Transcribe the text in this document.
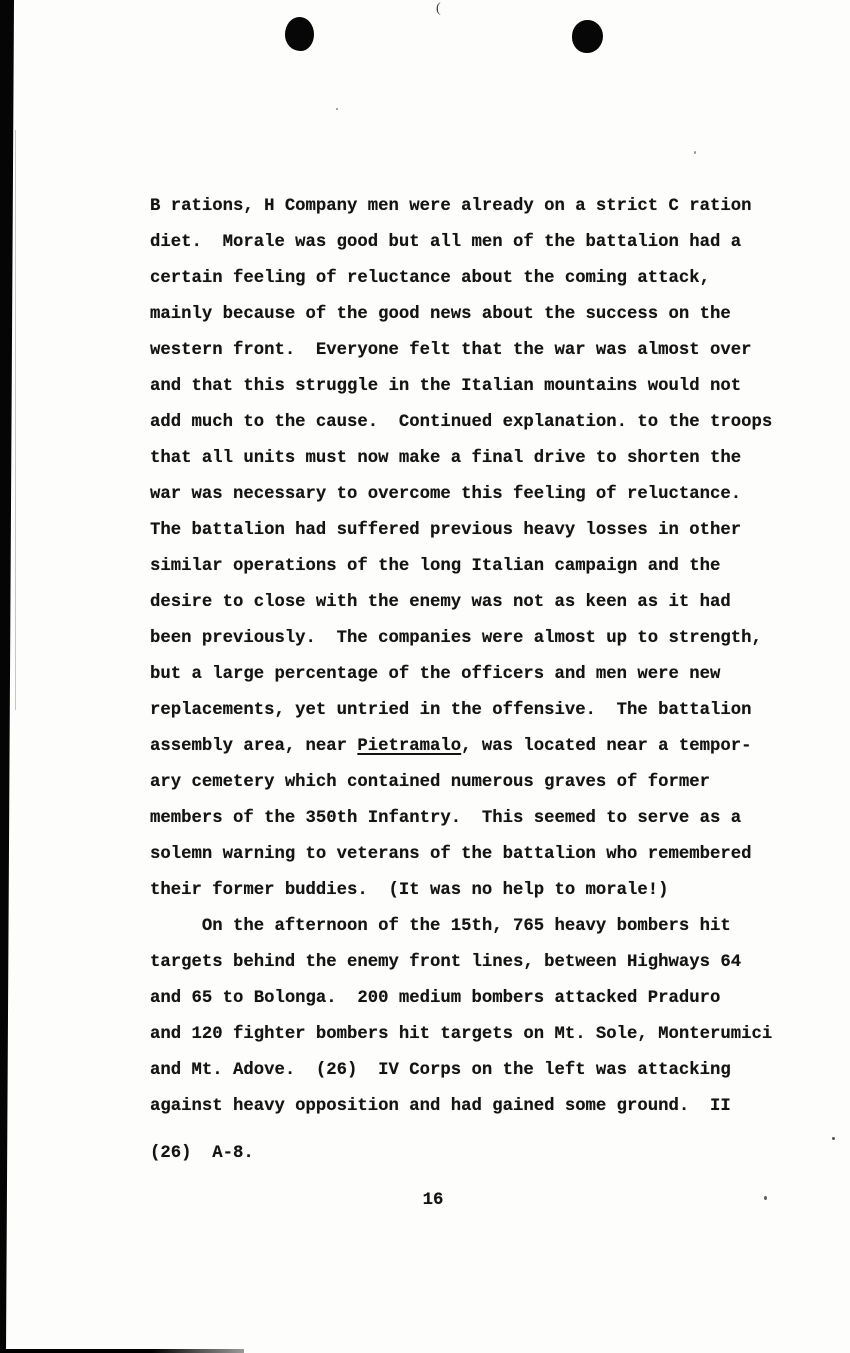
(
B rations, H Company men were already on a strict C ration
diet.  Morale was good but all men of the battalion had a
certain feeling of reluctance about the coming attack,
mainly because of the good news about the success on the
western front.  Everyone felt that the war was almost over
and that this struggle in the Italian mountains would not
add much to the cause.  Continued explanation. to the troops
that all units must now make a final drive to shorten the
war was necessary to overcome this feeling of reluctance.
The battalion had suffered previous heavy losses in other
similar operations of the long Italian campaign and the
desire to close with the enemy was not as keen as it had
been previously.  The companies were almost up to strength,
but a large percentage of the officers and men were new
replacements, yet untried in the offensive.  The battalion
assembly area, near Pietramalo, was located near a tempor-
ary cemetery which contained numerous graves of former
members of the 350th Infantry.  This seemed to serve as a
solemn warning to veterans of the battalion who remembered
their former buddies.  (It was no help to morale!)
On the afternoon of the 15th, 765 heavy bombers hit
targets behind the enemy front lines, between Highways 64
and 65 to Bolonga.  200 medium bombers attacked Praduro
and 120 fighter bombers hit targets on Mt. Sole, Monterumici
and Mt. Adove.  (26)  IV Corps on the left was attacking
against heavy opposition and had gained some ground.  II
(26)  A-8.
16
